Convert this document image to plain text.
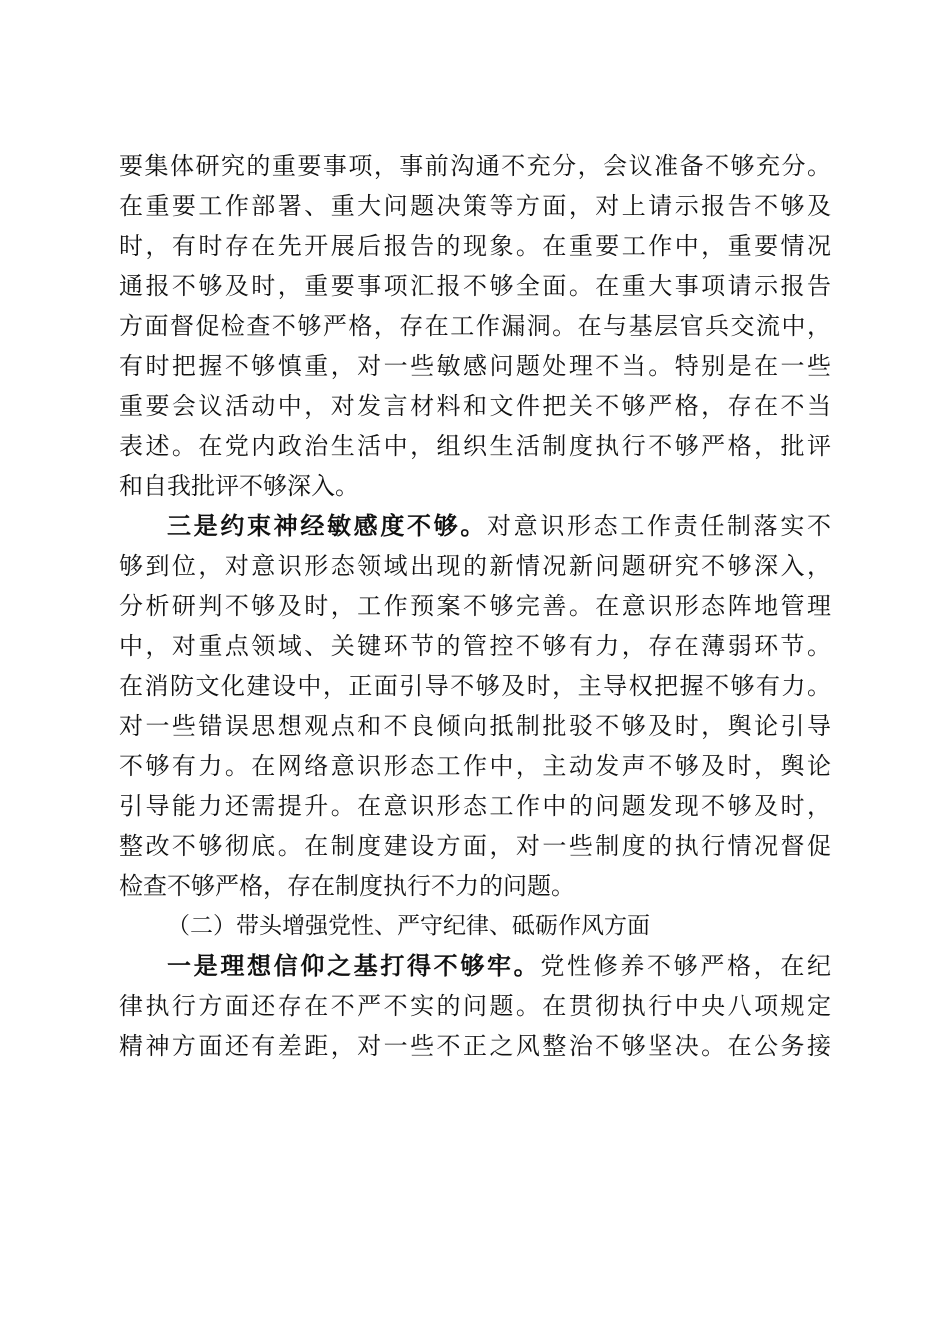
要集体研究的重要事项，事前沟通不充分，会议准备不够充分。
在重要工作部署、重大问题决策等方面，对上请示报告不够及
时，有时存在先开展后报告的现象。在重要工作中，重要情况
通报不够及时，重要事项汇报不够全面。在重大事项请示报告
方面督促检查不够严格，存在工作漏洞。在与基层官兵交流中，
有时把握不够慎重，对一些敏感问题处理不当。特别是在一些
重要会议活动中，对发言材料和文件把关不够严格，存在不当
表述。在党内政治生活中，组织生活制度执行不够严格，批评
和自我批评不够深入。
三是约束神经敏感度不够。对意识形态工作责任制落实不
够到位，对意识形态领域出现的新情况新问题研究不够深入，
分析研判不够及时，工作预案不够完善。在意识形态阵地管理
中，对重点领域、关键环节的管控不够有力，存在薄弱环节。
在消防文化建设中，正面引导不够及时，主导权把握不够有力。
对一些错误思想观点和不良倾向抵制批驳不够及时，舆论引导
不够有力。在网络意识形态工作中，主动发声不够及时，舆论
引导能力还需提升。在意识形态工作中的问题发现不够及时，
整改不够彻底。在制度建设方面，对一些制度的执行情况督促
检查不够严格，存在制度执行不力的问题。
（二）带头增强党性、严守纪律、砥砺作风方面
一是理想信仰之基打得不够牢。党性修养不够严格，在纪
律执行方面还存在不严不实的问题。在贯彻执行中央八项规定
精神方面还有差距，对一些不正之风整治不够坚决。在公务接
